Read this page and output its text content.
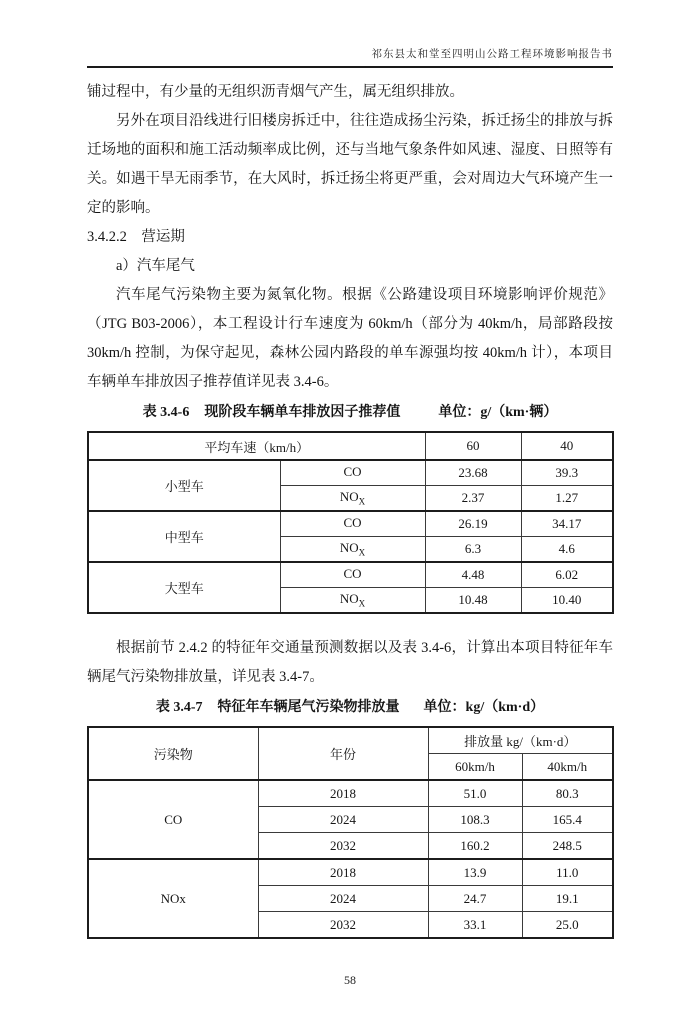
祁东县太和堂至四明山公路工程环境影响报告书

铺过程中，有少量的无组织沥青烟气产生，属无组织排放。

另外在项目沿线进行旧楼房拆迁中，往往造成扬尘污染，拆迁扬尘的排放与拆迁场地的面积和施工活动频率成比例，还与当地气象条件如风速、湿度、日照等有关。如遇干旱无雨季节，在大风时，拆迁扬尘将更严重，会对周边大气环境产生一定的影响。

3.4.2.2　营运期

a）汽车尾气

汽车尾气污染物主要为氮氧化物。根据《公路建设项目环境影响评价规范》（JTG B03-2006），本工程设计行车速度为 60km/h（部分为 40km/h，局部路段按 30km/h 控制，为保守起见，森林公园内路段的单车源强均按 40km/h 计），本项目车辆单车排放因子推荐值详见表 3.4-6。

表 3.4-6 现阶段车辆单车排放因子推荐值	单位：g/（km·辆）
平均车速（km/h）		60	40
小型车	CO	23.68	39.3
	$NO_X$	2.37	1.27
中型车	CO	26.19	34.17
	$NO_X$	6.3	4.6
大型车	CO	4.48	6.02
	$NO_X$	10.48	10.40

根据前节 2.4.2 的特征年交通量预测数据以及表 3.4-6，计算出本项目特征年车辆尾气污染物排放量，详见表 3.4-7。

表 3.4-7 特征年车辆尾气污染物排放量 单位：kg/（km·d）
污染物	年份	排放量 kg/（km·d）	
		60km/h	40km/h
CO	2018	51.0	80.3
	2024	108.3	165.4
	2032	160.2	248.5
NOx	2018	13.9	11.0
	2024	24.7	19.1
	2032	33.1	25.0
58
